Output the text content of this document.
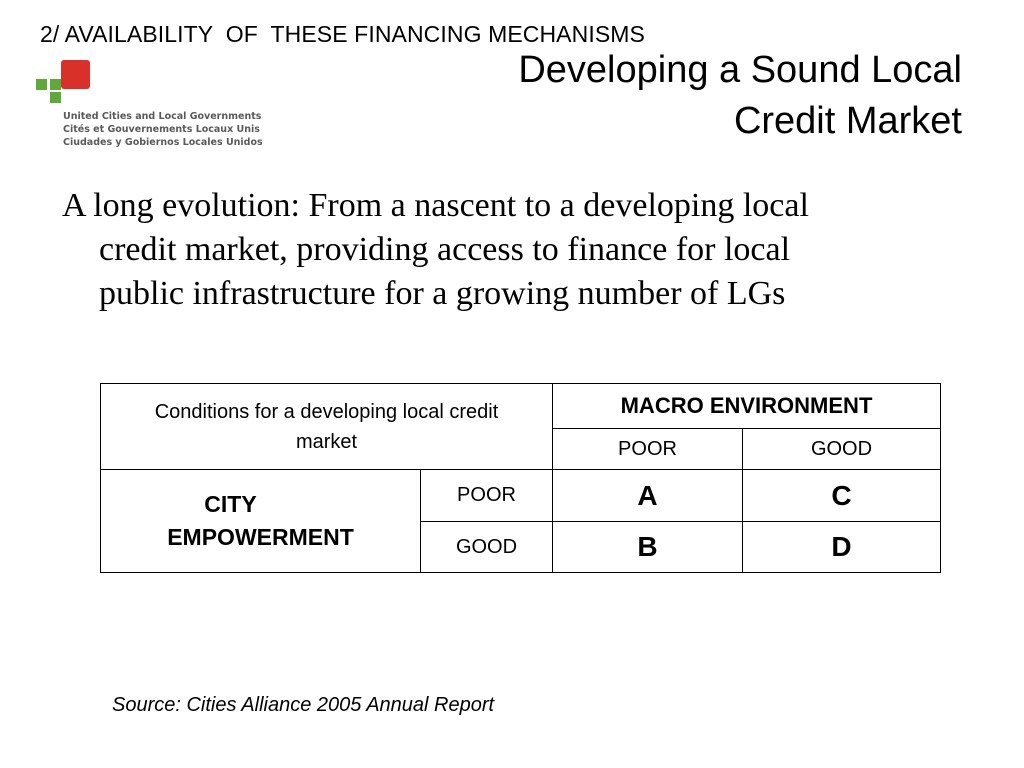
2/ AVAILABILITY  OF  THESE FINANCING MECHANISMS
United Cities and Local Governments
Cités et Gouvernements Locaux Unis
Ciudades y Gobiernos Locales Unidos
Developing a Sound Local
Credit Market
A long evolution: From a nascent to a developing local
credit market, providing access to finance for local
public infrastructure for a growing number of LGs
Conditions for a developing local credit market		MACRO ENVIRONMENT	
		POOR	GOOD

CITY
EMPOWERMENT	POOR	A	C
	GOOD	B	D
Source: Cities Alliance 2005 Annual Report
